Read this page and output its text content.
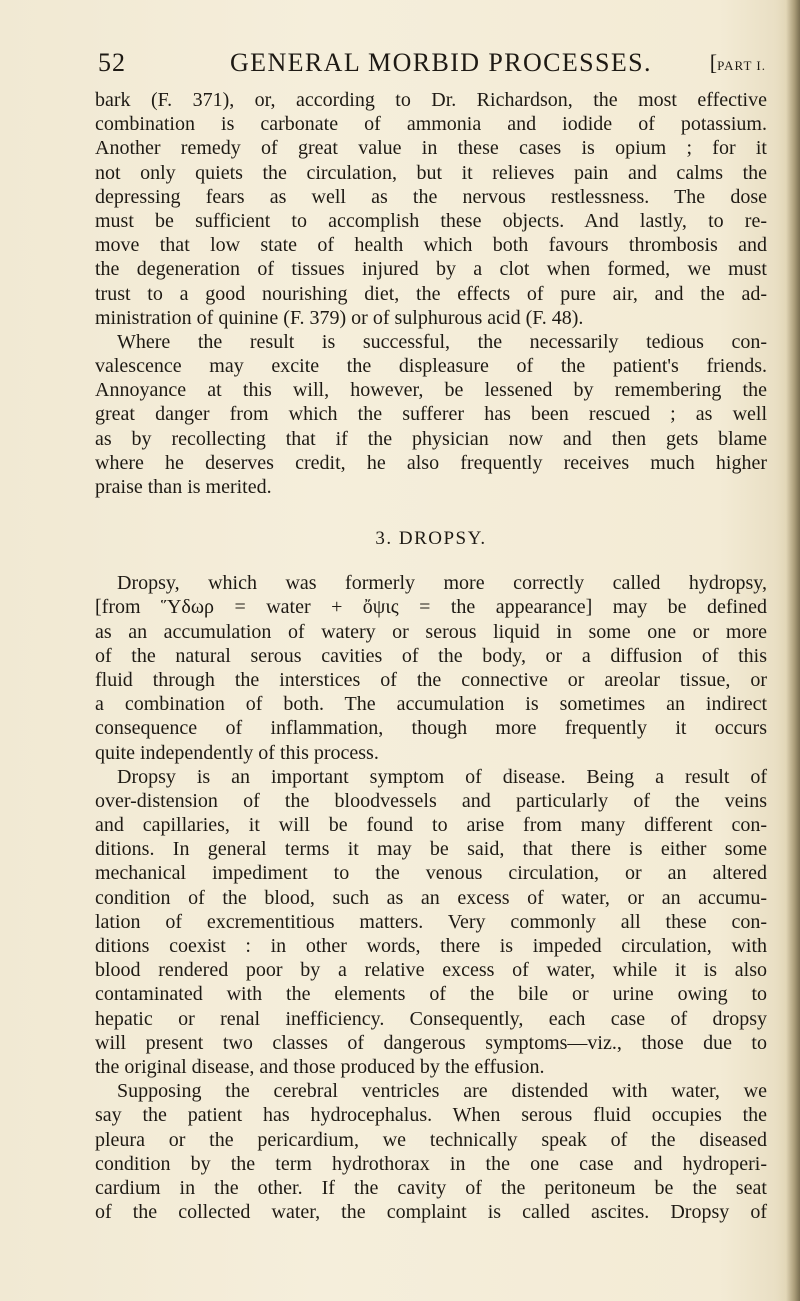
52	GENERAL MORBID PROCESSES.	[PART I.
bark (F. 371), or, according to Dr. Richardson, the most effective
combination is carbonate of ammonia and iodide of potassium.
Another remedy of great value in these cases is opium ; for it
not only quiets the circulation, but it relieves pain and calms the
depressing fears as well as the nervous restlessness. The dose
must be sufficient to accomplish these objects. And lastly, to re-
move that low state of health which both favours thrombosis and
the degeneration of tissues injured by a clot when formed, we must
trust to a good nourishing diet, the effects of pure air, and the ad-
ministration of quinine (F. 379) or of sulphurous acid (F. 48).
Where the result is successful, the necessarily tedious con-
valescence may excite the displeasure of the patient's friends.
Annoyance at this will, however, be lessened by remembering the
great danger from which the sufferer has been rescued ; as well
as by recollecting that if the physician now and then gets blame
where he deserves credit, he also frequently receives much higher
praise than is merited.
3. DROPSY.
Dropsy, which was formerly more correctly called hydropsy,
[from Ὕδωρ = water + ὄψις = the appearance] may be defined
as an accumulation of watery or serous liquid in some one or more
of the natural serous cavities of the body, or a diffusion of this
fluid through the interstices of the connective or areolar tissue, or
a combination of both. The accumulation is sometimes an indirect
consequence of inflammation, though more frequently it occurs
quite independently of this process.
Dropsy is an important symptom of disease. Being a result of
over-distension of the bloodvessels and particularly of the veins
and capillaries, it will be found to arise from many different con-
ditions. In general terms it may be said, that there is either some
mechanical impediment to the venous circulation, or an altered
condition of the blood, such as an excess of water, or an accumu-
lation of excrementitious matters. Very commonly all these con-
ditions coexist : in other words, there is impeded circulation, with
blood rendered poor by a relative excess of water, while it is also
contaminated with the elements of the bile or urine owing to
hepatic or renal inefficiency. Consequently, each case of dropsy
will present two classes of dangerous symptoms—viz., those due to
the original disease, and those produced by the effusion.
Supposing the cerebral ventricles are distended with water, we
say the patient has hydrocephalus. When serous fluid occupies the
pleura or the pericardium, we technically speak of the diseased
condition by the term hydrothorax in the one case and hydroperi-
cardium in the other. If the cavity of the peritoneum be the seat
of the collected water, the complaint is called ascites. Dropsy of
